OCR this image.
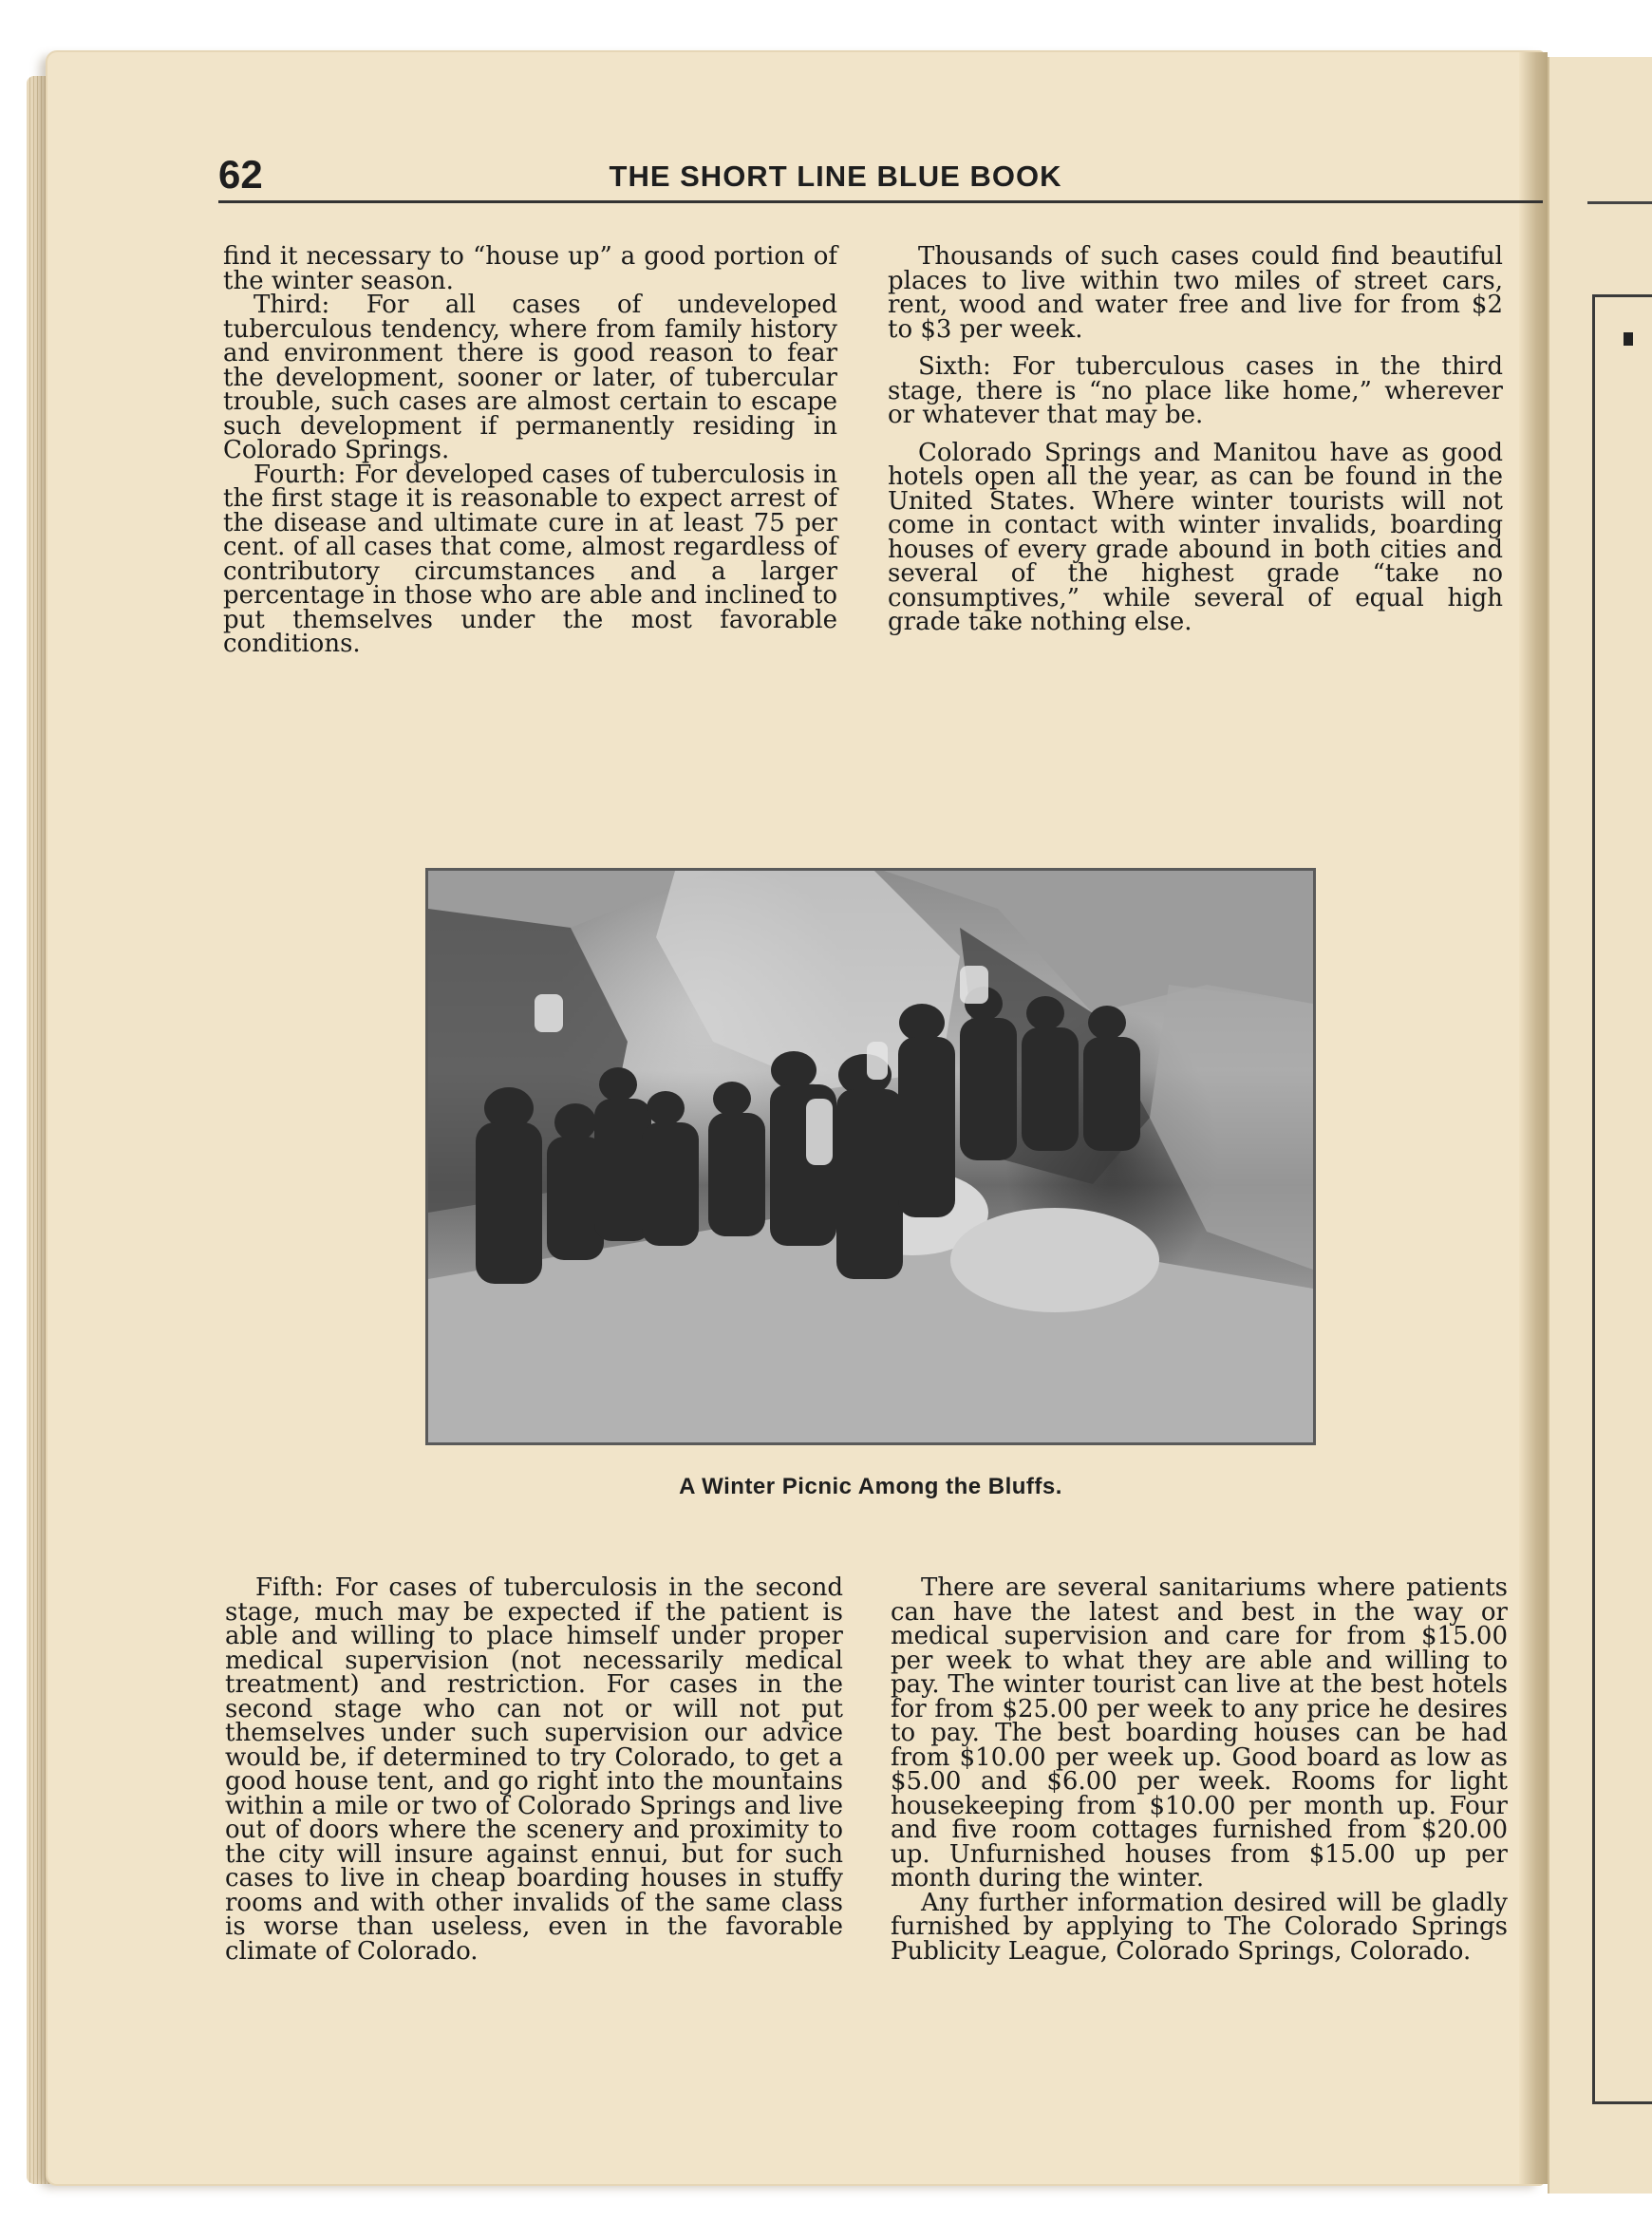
62	THE SHORT LINE BLUE BOOK

find it necessary to “house up” a good portion of the winter season.

Third: For all cases of undeveloped tuberculous tendency, where from family history and environment there is good reason to fear the development, sooner or later, of tubercular trouble, such cases are almost certain to escape such development if permanently residing in Colorado Springs.

Fourth: For developed cases of tuberculosis in the first stage it is reasonable to expect arrest of the disease and ultimate cure in at least 75 per cent. of all cases that come, almost regardless of contributory circumstances and a larger percentage in those who are able and inclined to put themselves under the most favorable conditions.

Thousands of such cases could find beautiful places to live within two miles of street cars, rent, wood and water free and live for from $2 to $3 per week.

Sixth: For tuberculous cases in the third stage, there is “no place like home,” wherever or whatever that may be.

Colorado Springs and Manitou have as good hotels open all the year, as can be found in the United States. Where winter tourists will not come in contact with winter invalids, boarding houses of every grade abound in both cities and several of the highest grade “take no consumptives,” while several of equal high grade take nothing else.

A Winter Picnic Among the Bluffs.

Fifth: For cases of tuberculosis in the second stage, much may be expected if the patient is able and willing to place himself under proper medical supervision (not necessarily medical treatment) and restriction. For cases in the second stage who can not or will not put themselves under such supervision our advice would be, if determined to try Colorado, to get a good house tent, and go right into the mountains within a mile or two of Colorado Springs and live out of doors where the scenery and proximity to the city will insure against ennui, but for such cases to live in cheap boarding houses in stuffy rooms and with other invalids of the same class is worse than useless, even in the favorable climate of Colorado.

There are several sanitariums where patients can have the latest and best in the way or medical supervision and care for from $15.00 per week to what they are able and willing to pay. The winter tourist can live at the best hotels for from $25.00 per week to any price he desires to pay. The best boarding houses can be had from $10.00 per week up. Good board as low as $5.00 and $6.00 per week. Rooms for light housekeeping from $10.00 per month up. Four and five room cottages furnished from $20.00 up. Unfurnished houses from $15.00 up per month during the winter.

Any further information desired will be gladly furnished by applying to The Colorado Springs Publicity League, Colorado Springs, Colorado.
